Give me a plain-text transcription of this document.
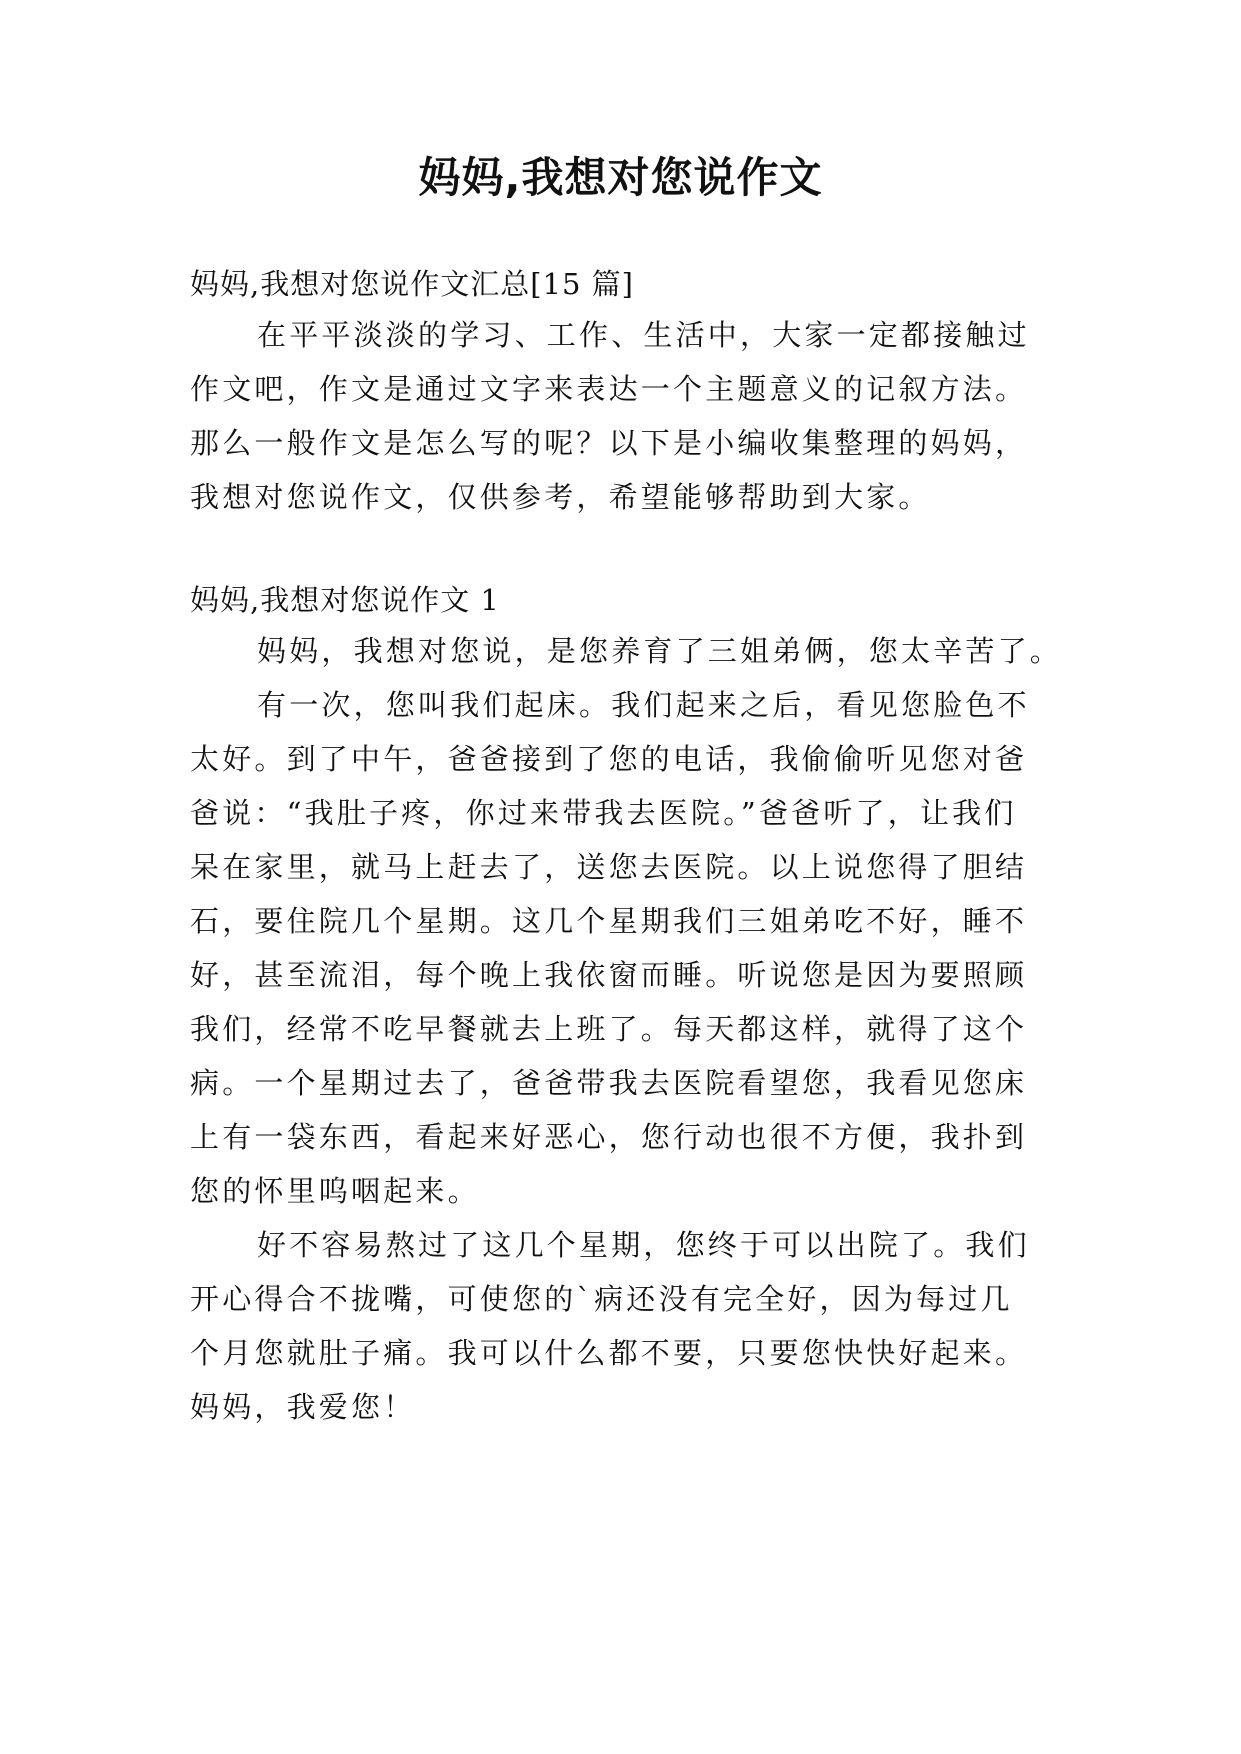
妈妈,我想对您说作文

妈妈,我想对您说作文汇总[15 篇]

在平平淡淡的学习、工作、生活中，大家一定都接触过

作文吧，作文是通过文字来表达一个主题意义的记叙方法。

那么一般作文是怎么写的呢？以下是小编收集整理的妈妈，

我想对您说作文，仅供参考，希望能够帮助到大家。

妈妈,我想对您说作文 1

妈妈，我想对您说，是您养育了三姐弟俩，您太辛苦了。

有一次，您叫我们起床。我们起来之后，看见您脸色不

太好。到了中午，爸爸接到了您的电话，我偷偷听见您对爸

爸说：“我肚子疼，你过来带我去医院。”爸爸听了，让我们

呆在家里，就马上赶去了，送您去医院。以上说您得了胆结

石，要住院几个星期。这几个星期我们三姐弟吃不好，睡不

好，甚至流泪，每个晚上我依窗而睡。听说您是因为要照顾

我们，经常不吃早餐就去上班了。每天都这样，就得了这个

病。一个星期过去了，爸爸带我去医院看望您，我看见您床

上有一袋东西，看起来好恶心，您行动也很不方便，我扑到

您的怀里呜咽起来。

好不容易熬过了这几个星期，您终于可以出院了。我们

开心得合不拢嘴，可使您的`病还没有完全好，因为每过几

个月您就肚子痛。我可以什么都不要，只要您快快好起来。

妈妈，我爱您！
